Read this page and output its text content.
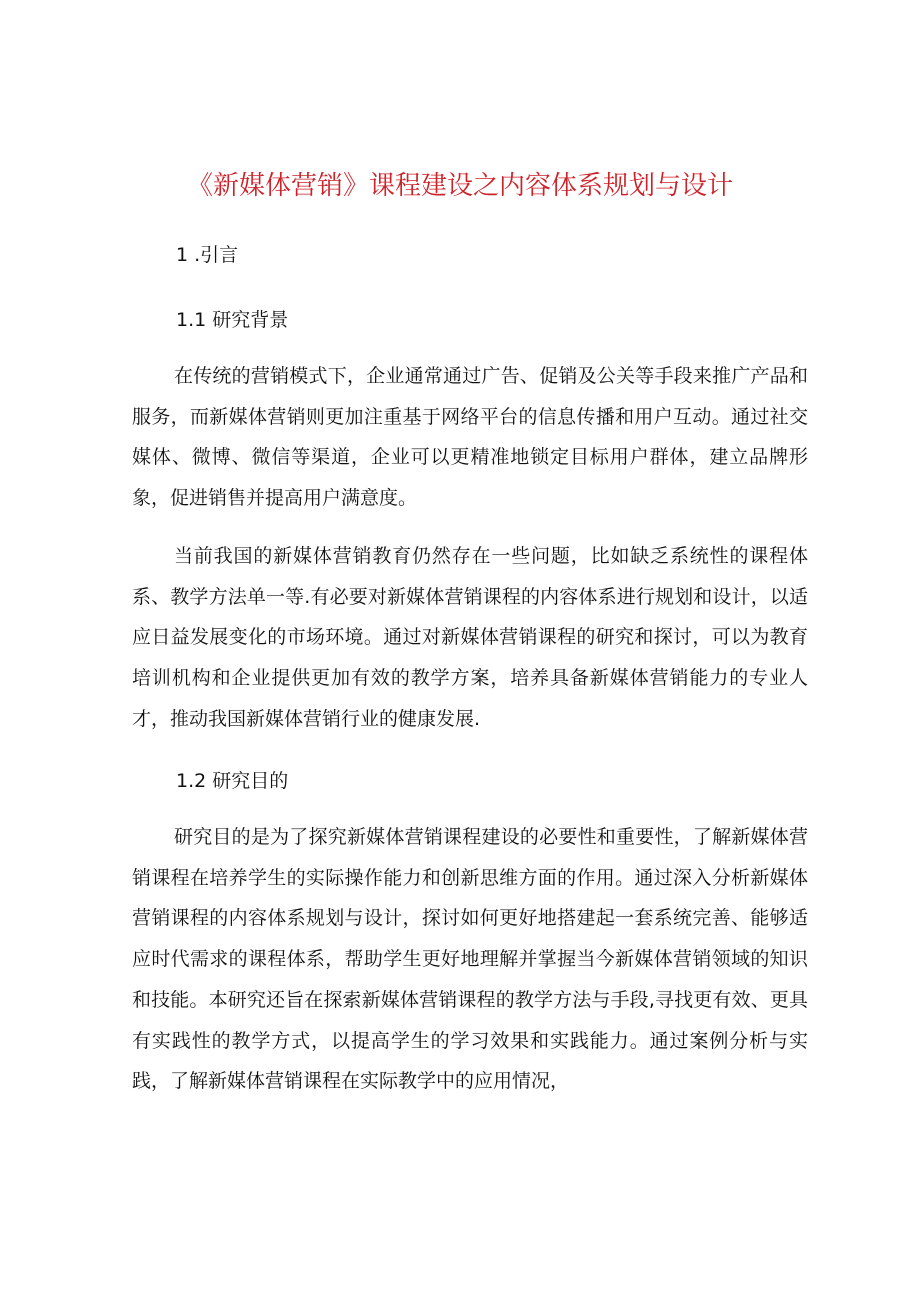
《新媒体营销》课程建设之内容体系规划与设计
1 .引言
1.1 研究背景
在传统的营销模式下，企业通常通过广告、促销及公关等手段来推广产品和服务，而新媒体营销则更加注重基于网络平台的信息传播和用户互动。通过社交媒体、微博、微信等渠道，企业可以更精准地锁定目标用户群体，建立品牌形象，促进销售并提高用户满意度。
当前我国的新媒体营销教育仍然存在一些问题，比如缺乏系统性的课程体系、教学方法单一等.有必要对新媒体营销课程的内容体系进行规划和设计，以适应日益发展变化的市场环境。通过对新媒体营销课程的研究和探讨，可以为教育培训机构和企业提供更加有效的教学方案，培养具备新媒体营销能力的专业人才，推动我国新媒体营销行业的健康发展.
1.2 研究目的
研究目的是为了探究新媒体营销课程建设的必要性和重要性，了解新媒体营销课程在培养学生的实际操作能力和创新思维方面的作用。通过深入分析新媒体营销课程的内容体系规划与设计，探讨如何更好地搭建起一套系统完善、能够适应时代需求的课程体系，帮助学生更好地理解并掌握当今新媒体营销领域的知识和技能。本研究还旨在探索新媒体营销课程的教学方法与手段,寻找更有效、更具有实践性的教学方式，以提高学生的学习效果和实践能力。通过案例分析与实践，了解新媒体营销课程在实际教学中的应用情况，
